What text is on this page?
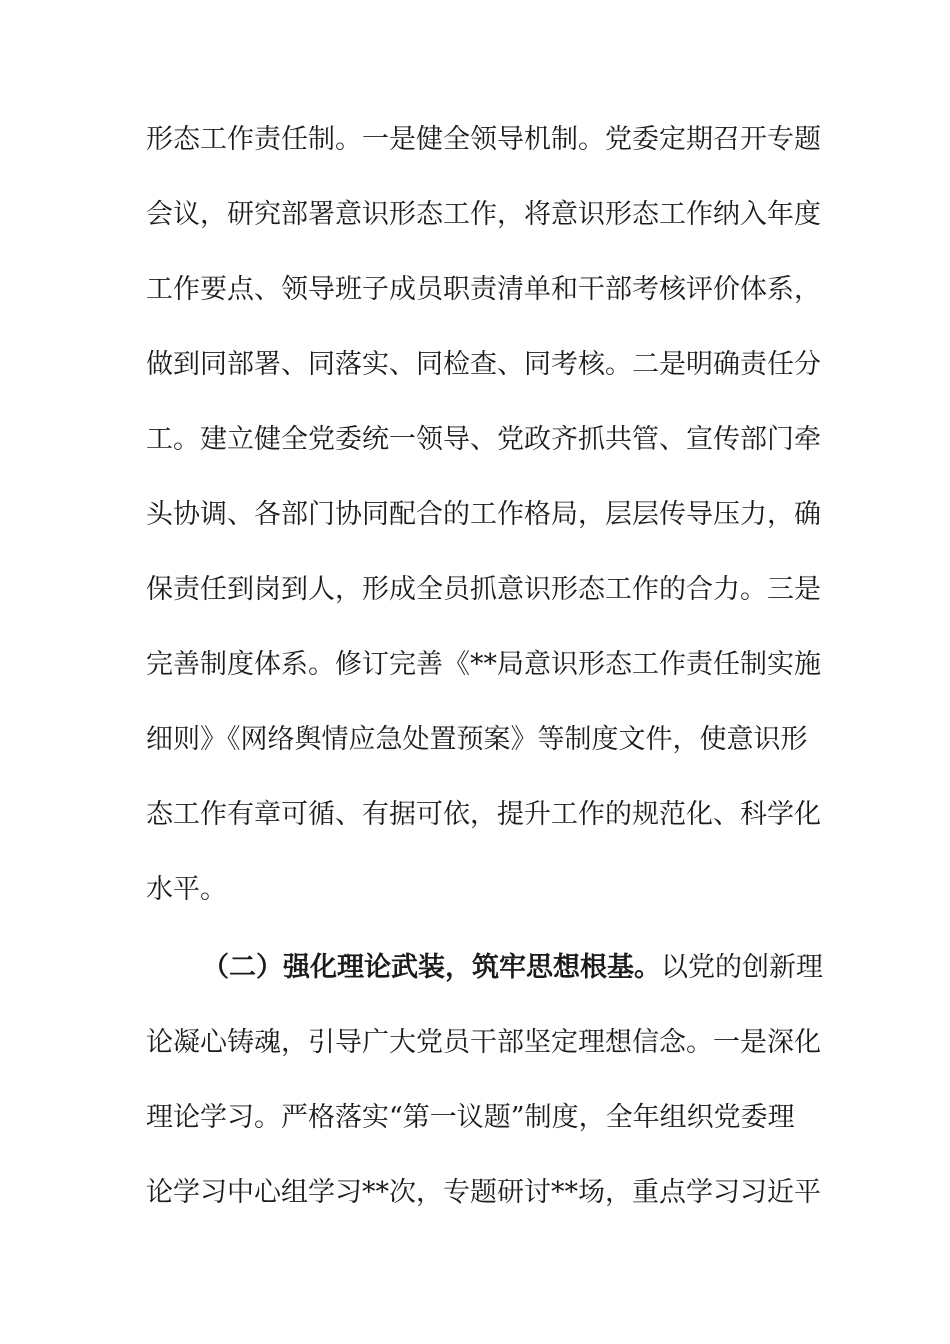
形态工作责任制。一是健全领导机制。党委定期召开专题
会议，研究部署意识形态工作，将意识形态工作纳入年度
工作要点、领导班子成员职责清单和干部考核评价体系，
做到同部署、同落实、同检查、同考核。二是明确责任分
工。建立健全党委统一领导、党政齐抓共管、宣传部门牵
头协调、各部门协同配合的工作格局，层层传导压力，确
保责任到岗到人，形成全员抓意识形态工作的合力。三是
完善制度体系。修订完善《**局意识形态工作责任制实施
细则》《网络舆情应急处置预案》等制度文件，使意识形
态工作有章可循、有据可依，提升工作的规范化、科学化
水平。
（二）强化理论武装，筑牢思想根基。以党的创新理
论凝心铸魂，引导广大党员干部坚定理想信念。一是深化
理论学习。严格落实“第一议题”制度，全年组织党委理
论学习中心组学习**次，专题研讨**场，重点学习习近平
